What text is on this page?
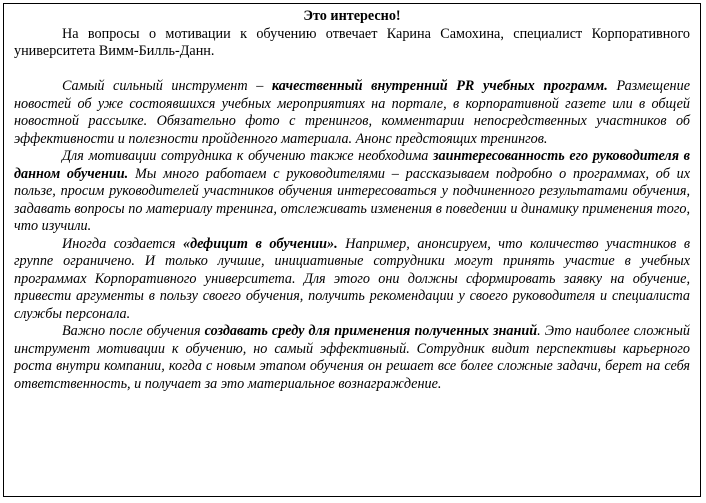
Это интересно!

На вопросы о мотивации к обучению отвечает Карина Самохина, специалист Корпоративного университета Вимм-Билль-Данн.

Самый сильный инструмент – качественный внутренний PR учебных программ. Размещение новостей об уже состоявшихся учебных мероприятиях на портале, в корпоративной газете или в общей новостной рассылке. Обязательно фото с тренингов, комментарии непосредственных участников об эффективности и полезности пройденного материала. Анонс предстоящих тренингов.

Для мотивации сотрудника к обучению также необходима заинтересованность его руководителя в данном обучении. Мы много работаем с руководителями – рассказываем подробно о программах, об их пользе, просим руководителей участников обучения интересоваться у подчиненного результатами обучения, задавать вопросы по материалу тренинга, отслеживать изменения в поведении и динамику применения того, что изучили.

Иногда создается «дефицит в обучении». Например, анонсируем, что количество участников в группе ограничено. И только лучшие, инициативные сотрудники могут принять участие в учебных программах Корпоративного университета. Для этого они должны сформировать заявку на обучение, привести аргументы в пользу своего обучения, получить рекомендации у своего руководителя и специалиста службы персонала.

Важно после обучения создавать среду для применения полученных знаний. Это наиболее сложный инструмент мотивации к обучению, но самый эффективный. Сотрудник видит перспективы карьерного роста внутри компании, когда с новым этапом обучения он решает все более сложные задачи, берет на себя ответственность, и получает за это материальное вознаграждение.
